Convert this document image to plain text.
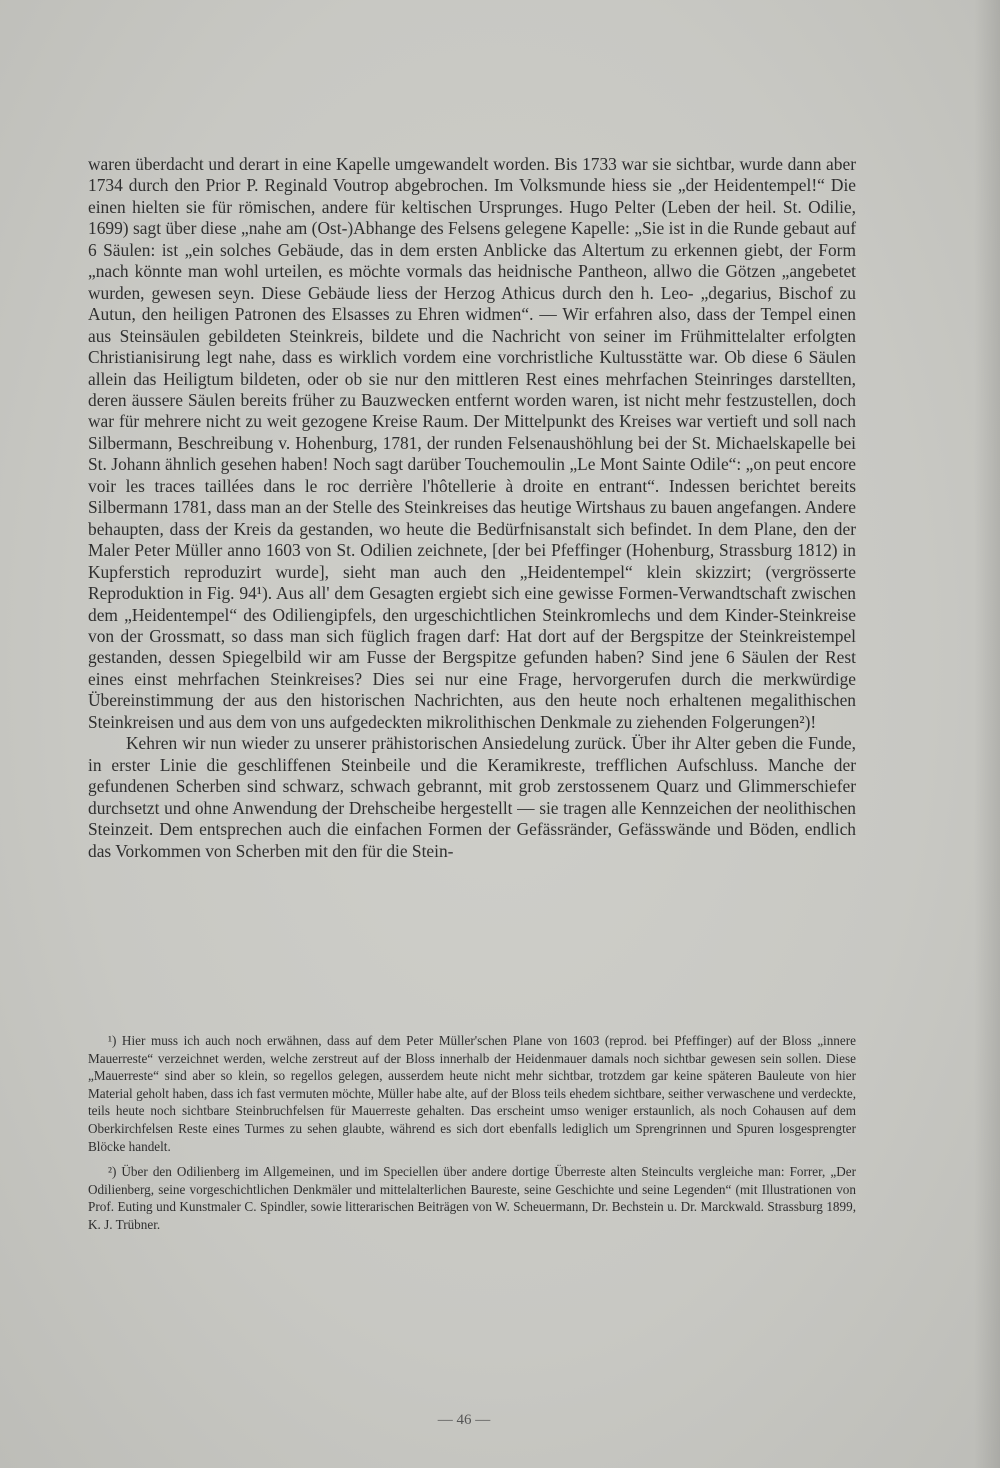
waren überdacht und derart in eine Kapelle umgewandelt worden. Bis 1733 war sie sichtbar, wurde dann aber 1734 durch den Prior P. Reginald Voutrop abgebrochen. Im Volksmunde hiess sie „der Heidentempel!“ Die einen hielten sie für römischen, andere für keltischen Ursprunges. Hugo Pelter (Leben der heil. St. Odilie, 1699) sagt über diese „nahe am (Ost-)Abhange des Felsens gelegene Kapelle: „Sie ist in die Runde gebaut auf 6 Säulen: ist „ein solches Gebäude, das in dem ersten Anblicke das Altertum zu erkennen giebt, der Form „nach könnte man wohl urteilen, es möchte vormals das heidnische Pantheon, allwo die Götzen „angebetet wurden, gewesen seyn. Diese Gebäude liess der Herzog Athicus durch den h. Leo- „degarius, Bischof zu Autun, den heiligen Patronen des Elsasses zu Ehren widmen“. — Wir erfahren also, dass der Tempel einen aus Steinsäulen gebildeten Steinkreis, bildete und die Nachricht von seiner im Frühmittelalter erfolgten Christianisirung legt nahe, dass es wirklich vordem eine vorchristliche Kultusstätte war. Ob diese 6 Säulen allein das Heiligtum bildeten, oder ob sie nur den mittleren Rest eines mehrfachen Steinringes darstellten, deren äussere Säulen bereits früher zu Bauzwecken entfernt worden waren, ist nicht mehr festzustellen, doch war für mehrere nicht zu weit gezogene Kreise Raum. Der Mittelpunkt des Kreises war vertieft und soll nach Silbermann, Beschreibung v. Hohenburg, 1781, der runden Felsenaushöhlung bei der St. Michaelskapelle bei St. Johann ähnlich gesehen haben! Noch sagt darüber Touchemoulin „Le Mont Sainte Odile“: „on peut encore voir les traces taillées dans le roc derrière l'hôtellerie à droite en entrant“. Indessen berichtet bereits Silbermann 1781, dass man an der Stelle des Steinkreises das heutige Wirtshaus zu bauen angefangen. Andere behaupten, dass der Kreis da gestanden, wo heute die Bedürfnisanstalt sich befindet. In dem Plane, den der Maler Peter Müller anno 1603 von St. Odilien zeichnete, [der bei Pfeffinger (Hohenburg, Strassburg 1812) in Kupferstich reproduzirt wurde], sieht man auch den „Heidentempel“ klein skizzirt; (vergrösserte Reproduktion in Fig. 94¹). Aus all' dem Gesagten ergiebt sich eine gewisse Formen-Verwandtschaft zwischen dem „Heidentempel“ des Odiliengipfels, den urgeschichtlichen Steinkromlechs und dem Kinder-Steinkreise von der Grossmatt, so dass man sich füglich fragen darf: Hat dort auf der Bergspitze der Steinkreistempel gestanden, dessen Spiegelbild wir am Fusse der Bergspitze gefunden haben? Sind jene 6 Säulen der Rest eines einst mehrfachen Steinkreises? Dies sei nur eine Frage, hervorgerufen durch die merkwürdige Übereinstimmung der aus den historischen Nachrichten, aus den heute noch erhaltenen megalithischen Steinkreisen und aus dem von uns aufgedeckten mikrolithischen Denkmale zu ziehenden Folgerungen²)!

Kehren wir nun wieder zu unserer prähistorischen Ansiedelung zurück. Über ihr Alter geben die Funde, in erster Linie die geschliffenen Steinbeile und die Keramikreste, trefflichen Aufschluss. Manche der gefundenen Scherben sind schwarz, schwach gebrannt, mit grob zerstossenem Quarz und Glimmerschiefer durchsetzt und ohne Anwendung der Drehscheibe hergestellt — sie tragen alle Kennzeichen der neolithischen Steinzeit. Dem entsprechen auch die einfachen Formen der Gefässränder, Gefässwände und Böden, endlich das Vorkommen von Scherben mit den für die Stein-

¹) Hier muss ich auch noch erwähnen, dass auf dem Peter Müller'schen Plane von 1603 (reprod. bei Pfeffinger) auf der Bloss „innere Mauerreste“ verzeichnet werden, welche zerstreut auf der Bloss innerhalb der Heidenmauer damals noch sichtbar gewesen sein sollen. Diese „Mauerreste“ sind aber so klein, so regellos gelegen, ausserdem heute nicht mehr sichtbar, trotzdem gar keine späteren Bauleute von hier Material geholt haben, dass ich fast vermuten möchte, Müller habe alte, auf der Bloss teils ehedem sichtbare, seither verwaschene und verdeckte, teils heute noch sichtbare Steinbruchfelsen für Mauerreste gehalten. Das erscheint umso weniger erstaunlich, als noch Cohausen auf dem Oberkirchfelsen Reste eines Turmes zu sehen glaubte, während es sich dort ebenfalls lediglich um Sprengrinnen und Spuren losgesprengter Blöcke handelt.

²) Über den Odilienberg im Allgemeinen, und im Speciellen über andere dortige Überreste alten Steincults vergleiche man: Forrer, „Der Odilienberg, seine vorgeschichtlichen Denkmäler und mittelalterlichen Baureste, seine Geschichte und seine Legenden“ (mit Illustrationen von Prof. Euting und Kunstmaler C. Spindler, sowie litterarischen Beiträgen von W. Scheuermann, Dr. Bechstein u. Dr. Marckwald. Strassburg 1899, K. J. Trübner.

— 46 —
